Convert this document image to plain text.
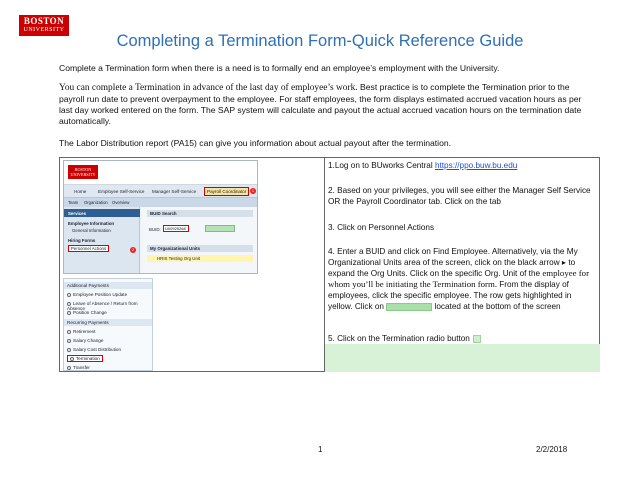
BOSTON
UNIVERSITY
Completing a Termination Form-Quick Reference Guide
Complete a Termination form when there is a need is to formally end an employee’s employment with the University.
You can complete a Termination in advance of the last day of employee’s work. Best practice is to complete the Termination prior to the payroll run date to prevent overpayment to the employee. For staff employees, the form displays estimated accrued vacation hours as per last day worked entered on the form. The SAP system will calculate and payout the actual accrued vacation hours on the termination date automatically.
The Labor Distribution report (PA15) can give you information about actual payout after the termination.
BOSTON
UNIVERSITY
Home	Employee Self-Service Manager Self-Service	Payroll Coordinator	1
Team Organization Overview
Services
Employee Information
General Information
Hiring Forms
Personnel Actions	2
BUID Search
BUID:	U00925268
My Organizational Units
HRIS Testing Org Unit
Additional Payments
Employee Position Update
Leave of Absence / Return from Absence
Position Change
Recurring Payments
Retirement
Salary Change
Salary Cost Distribution
Termination
Transfer
1.Log on to BUworks Central https://ppo.buw.bu.edu
2. Based on your privileges, you will see either the Manager Self Service OR the Payroll Coordinator tab. Click on the tab
3. Click on Personnel Actions
4. Enter a BUID and click on Find Employee. Alternatively, via the My Organizational Units area of the screen, click on the black arrow ▸ to expand the Org Units. Click on the specific Org. Unit of the employee for whom you’ll be initiating the Termination form. From the display of employees, click the specific employee. The row gets highlighted in yellow. Click on	located at the bottom of the screen
5. Click on the Termination radio button
1	2/2/2018
